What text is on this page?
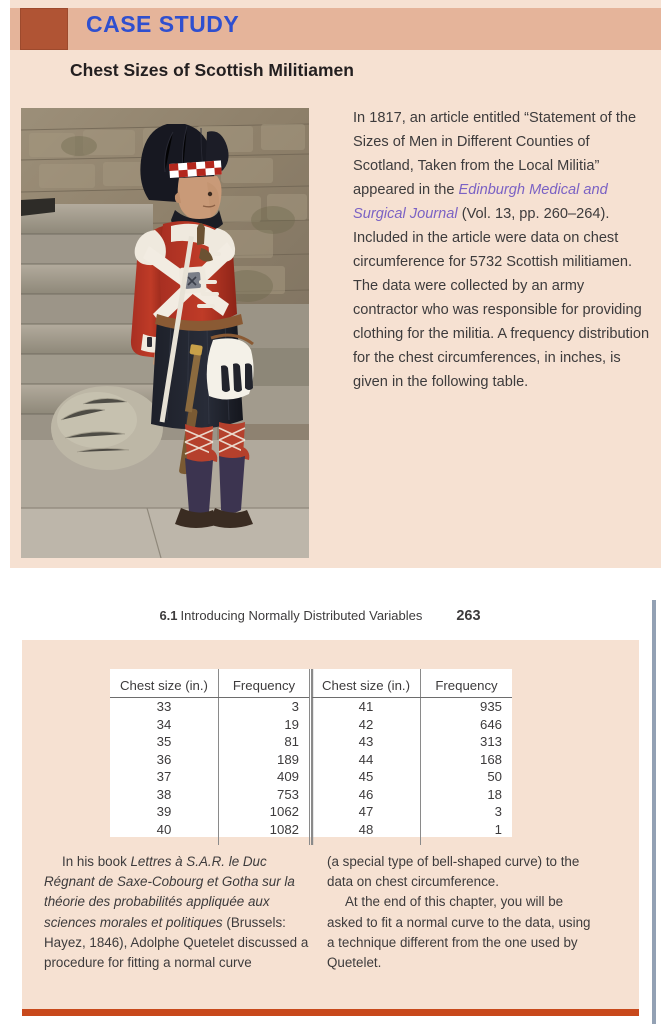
CASE STUDY
Chest Sizes of Scottish Militiamen
In 1817, an article entitled “Statement of the Sizes of Men in Different Counties of Scotland, Taken from the Local Militia” appeared in the Edinburgh Medical and Surgical Journal (Vol. 13, pp. 260–264). Included in the article were data on chest circumference for 5732 Scottish militiamen. The data were collected by an army contractor who was responsible for providing clothing for the militia. A frequency distribution for the chest circumferences, in inches, is given in the following table.
6.1 Introducing Normally Distributed Variables 263
Chest size (in.)	Frequency	Chest size (in.)	Frequency
33	3	41	935
34	19	42	646
35	81	43	313
36	189	44	168
37	409	45	50
38	753	46	18
39	1062	47	3
40	1082	48	1
In his book Lettres à S.A.R. le Duc Régnant de Saxe-Cobourg et Gotha sur la théorie des probabilités appliquée aux sciences morales et politiques (Brussels: Hayez, 1846), Adolphe Quetelet discussed a procedure for fitting a normal curve
(a special type of bell-shaped curve) to the data on chest circumference.
At the end of this chapter, you will be asked to fit a normal curve to the data, using a technique different from the one used by Quetelet.
